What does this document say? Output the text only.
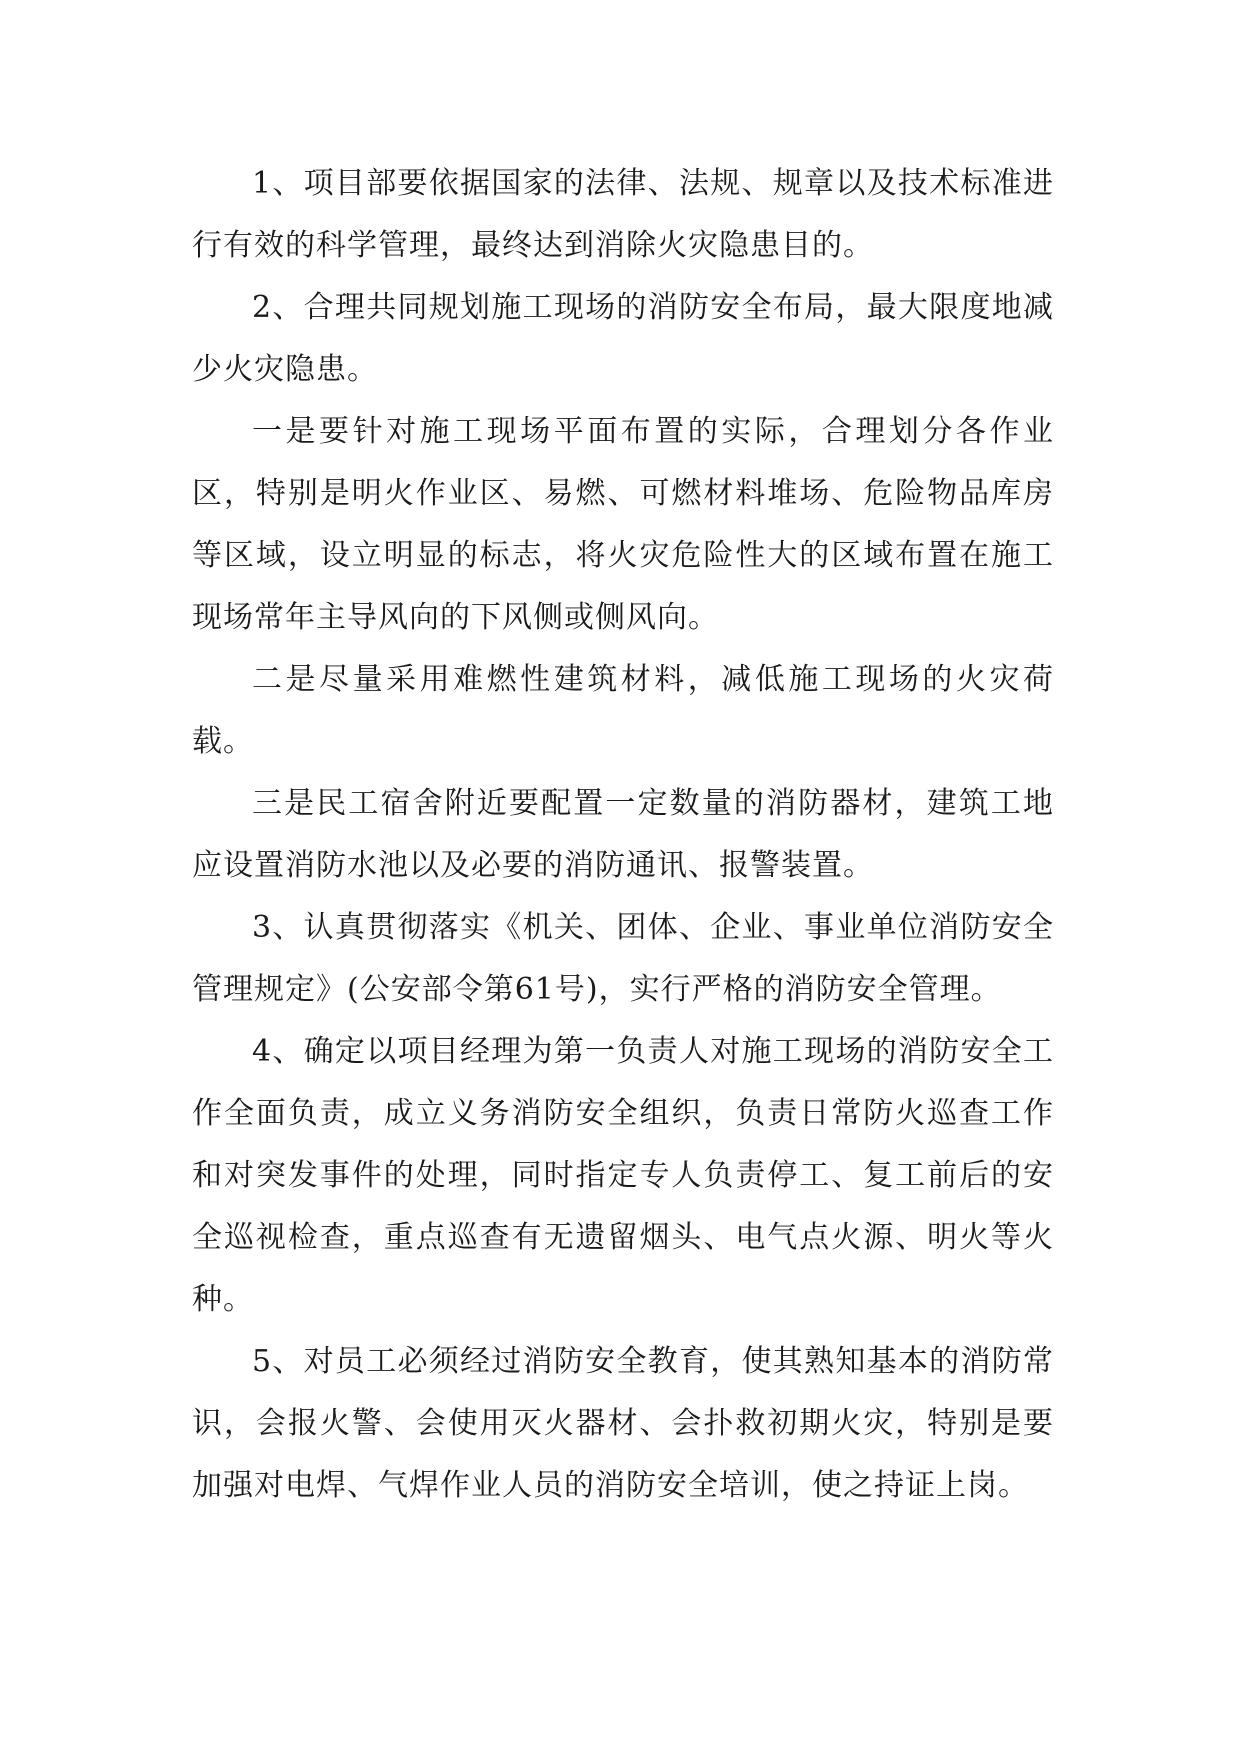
1、项目部要依据国家的法律、法规、规章以及技术标准进行有效的科学管理，最终达到消除火灾隐患目的。

2、合理共同规划施工现场的消防安全布局，最大限度地减少火灾隐患。

一是要针对施工现场平面布置的实际，合理划分各作业区，特别是明火作业区、易燃、可燃材料堆场、危险物品库房等区域，设立明显的标志，将火灾危险性大的区域布置在施工现场常年主导风向的下风侧或侧风向。

二是尽量采用难燃性建筑材料，减低施工现场的火灾荷载。

三是民工宿舍附近要配置一定数量的消防器材，建筑工地应设置消防水池以及必要的消防通讯、报警装置。

3、认真贯彻落实《机关、团体、企业、事业单位消防安全管理规定》(公安部令第61号)，实行严格的消防安全管理。

4、确定以项目经理为第一负责人对施工现场的消防安全工作全面负责，成立义务消防安全组织，负责日常防火巡查工作和对突发事件的处理，同时指定专人负责停工、复工前后的安全巡视检查，重点巡查有无遗留烟头、电气点火源、明火等火种。

5、对员工必须经过消防安全教育，使其熟知基本的消防常识，会报火警、会使用灭火器材、会扑救初期火灾，特别是要加强对电焊、气焊作业人员的消防安全培训，使之持证上岗。
